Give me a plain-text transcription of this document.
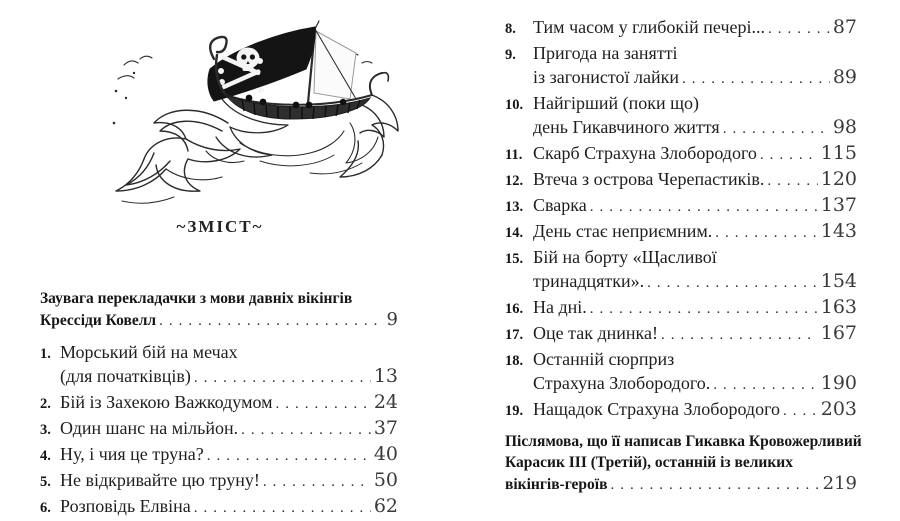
~ЗМІСТ~
Заувага перекладачки з мови давніх вікінгів
Крессіди Ковелл .....	9
1. Морський бій на мечах
(для початківців) .....	13
2. Бій із Захекою Важкодумом .....	24
3. Один шанс на мільйон. .....	37
4. Ну, і чия це труна? .....	40
5. Не відкривайте цю труну! .....	50
6. Розповідь Елвіна .....	62
8. Тим часом у глибокій печері... .....	87
9. Пригода на занятті
із загонистої лайки .....	89
10. Найгірший (поки що)
день Гикавчиного життя .....	98
11. Скарб Страхуна Злобородого .....	115
12. Втеча з острова Черепастиків. .....	120
13. Сварка .....	137
14. День стає неприємним. .....	143
15. Бій на борту «Щасливої
тринадцятки». .....	154
16. На дні. .....	163
17. Оце так днинка! .....	167
18. Останній сюрприз
Страхуна Злобородого. .....	190
19. Нащадок Страхуна Злобородого ..... 203
Післямова, що її написав Гикавка Кровожерливий
Карасик III (Третій), останній із великих
вікінгів-героїв .....	219
